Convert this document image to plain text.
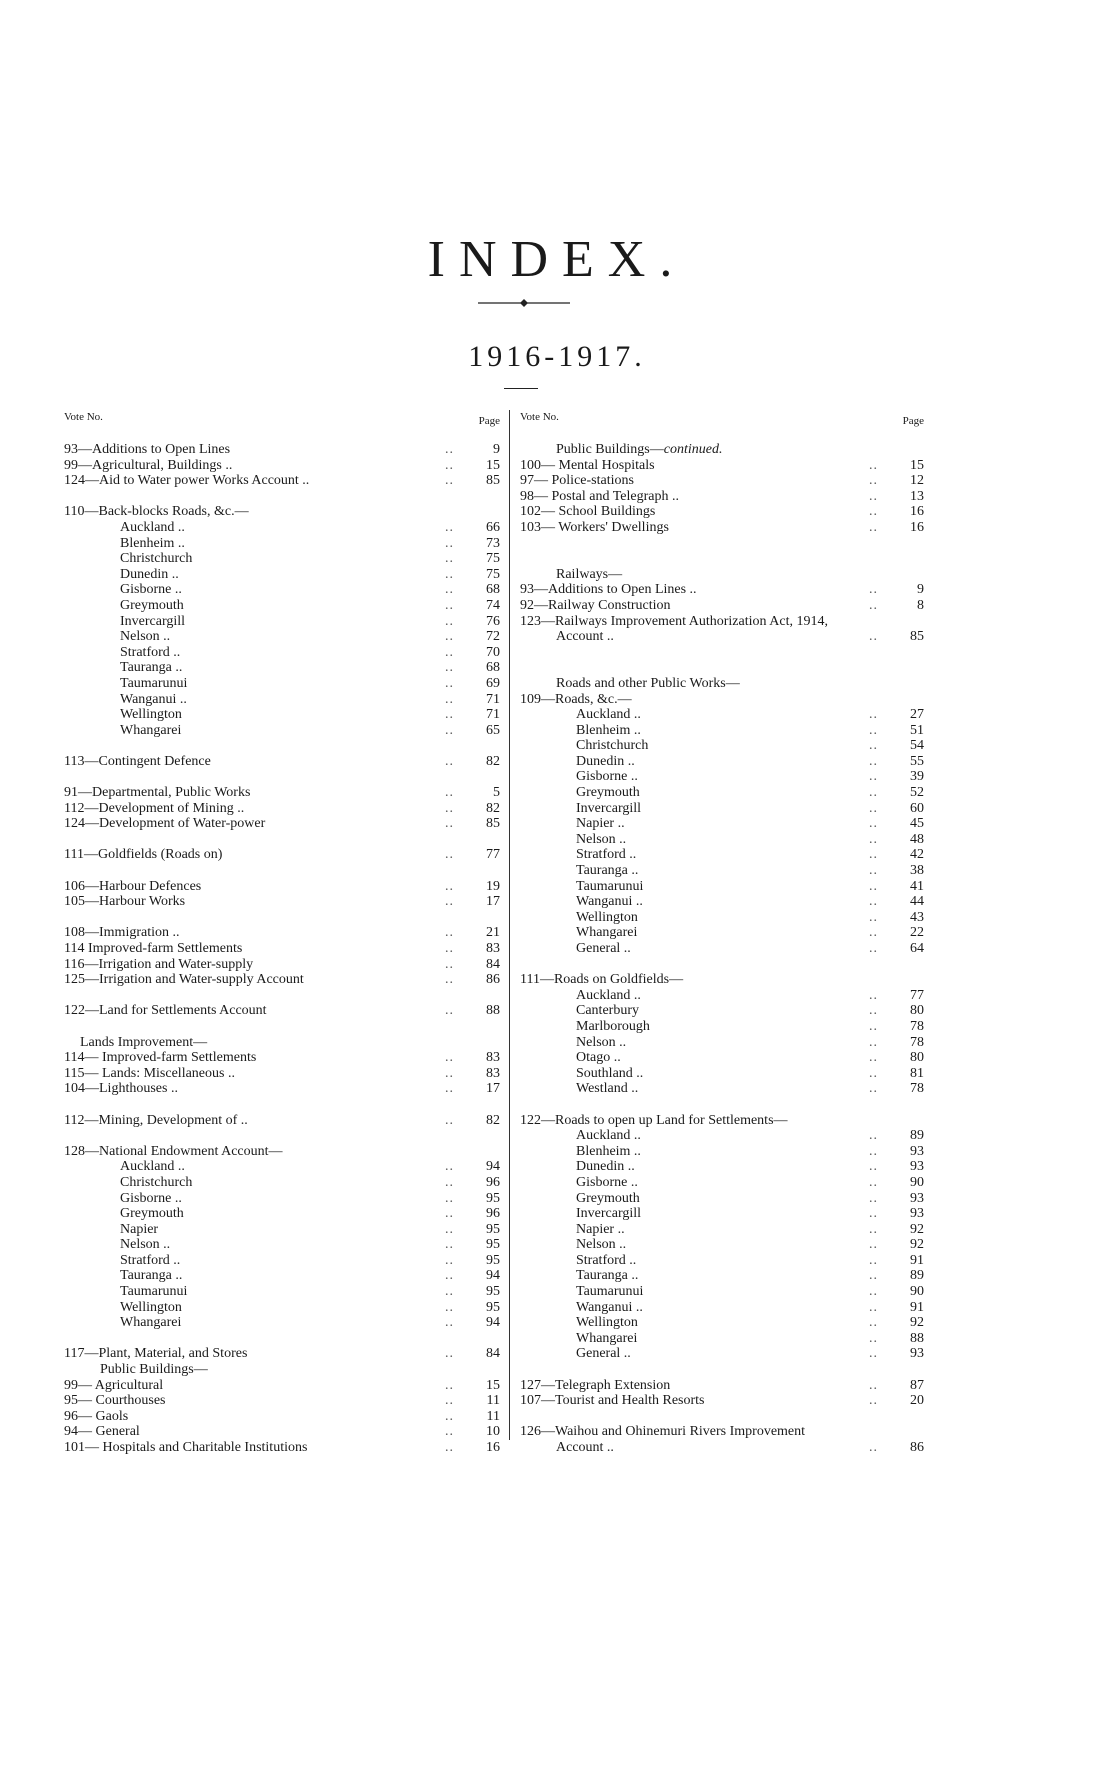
INDEX.
1916-1917.
Vote No.	Page
93—Additions to Open Lines	..	9
99—Agricultural, Buildings ..	..	15
124—Aid to Water power Works Account ..	..	85
110—Back-blocks Roads, &c.—
Auckland ..	..	66
Blenheim ..	..	73
Christchurch	..	75
Dunedin ..	..	75
Gisborne ..	..	68
Greymouth	..	74
Invercargill	..	76
Nelson ..	..	72
Stratford ..	..	70
Tauranga ..	..	68
Taumarunui	..	69
Wanganui ..	..	71
Wellington	..	71
Whangarei	..	65
113—Contingent Defence	..	82
91—Departmental, Public Works	..	5
112—Development of Mining ..	..	82
124—Development of Water-power	..	85
111—Goldfields (Roads on)	..	77
106—Harbour Defences	..	19
105—Harbour Works	..	17
108—Immigration ..	..	21
114 Improved-farm Settlements	..	83
116—Irrigation and Water-supply	..	84
125—Irrigation and Water-supply Account	..	86
122—Land for Settlements Account	..	88
Lands Improvement—
114— Improved-farm Settlements	..	83
115— Lands: Miscellaneous ..	..	83
104—Lighthouses ..	..	17
112—Mining, Development of ..	..	82
128—National Endowment Account—
Auckland ..	..	94
Christchurch	..	96
Gisborne ..	..	95
Greymouth	..	96
Napier	..	95
Nelson ..	..	95
Stratford ..	..	95
Tauranga ..	..	94
Taumarunui	..	95
Wellington	..	95
Whangarei	..	94
117—Plant, Material, and Stores	..	84
Public Buildings—
99— Agricultural	..	15
95— Courthouses	..	11
96— Gaols	..	11
94— General	..	10
101— Hospitals and Charitable Institutions	..	16
Vote No.	Page
Public Buildings—continued.
100— Mental Hospitals	..	15
97— Police-stations	..	12
98— Postal and Telegraph ..	..	13
102— School Buildings	..	16
103— Workers' Dwellings	..	16
Railways—
93—Additions to Open Lines ..	..	9
92—Railway Construction	..	8
123—Railways Improvement Authorization Act, 1914,
Account ..	..	85
Roads and other Public Works—
109—Roads, &c.—
Auckland ..	..	27
Blenheim ..	..	51
Christchurch	..	54
Dunedin ..	..	55
Gisborne ..	..	39
Greymouth	..	52
Invercargill	..	60
Napier ..	..	45
Nelson ..	..	48
Stratford ..	..	42
Tauranga ..	..	38
Taumarunui	..	41
Wanganui ..	..	44
Wellington	..	43
Whangarei	..	22
General ..	..	64
111—Roads on Goldfields—
Auckland ..	..	77
Canterbury	..	80
Marlborough	..	78
Nelson ..	..	78
Otago ..	..	80
Southland ..	..	81
Westland ..	..	78
122—Roads to open up Land for Settlements—
Auckland ..	..	89
Blenheim ..	..	93
Dunedin ..	..	93
Gisborne ..	..	90
Greymouth	..	93
Invercargill	..	93
Napier ..	..	92
Nelson ..	..	92
Stratford ..	..	91
Tauranga ..	..	89
Taumarunui	..	90
Wanganui ..	..	91
Wellington	..	92
Whangarei	..	88
General ..	..	93
127—Telegraph Extension	..	87
107—Tourist and Health Resorts	..	20
126—Waihou and Ohinemuri Rivers Improvement
Account ..	..	86
